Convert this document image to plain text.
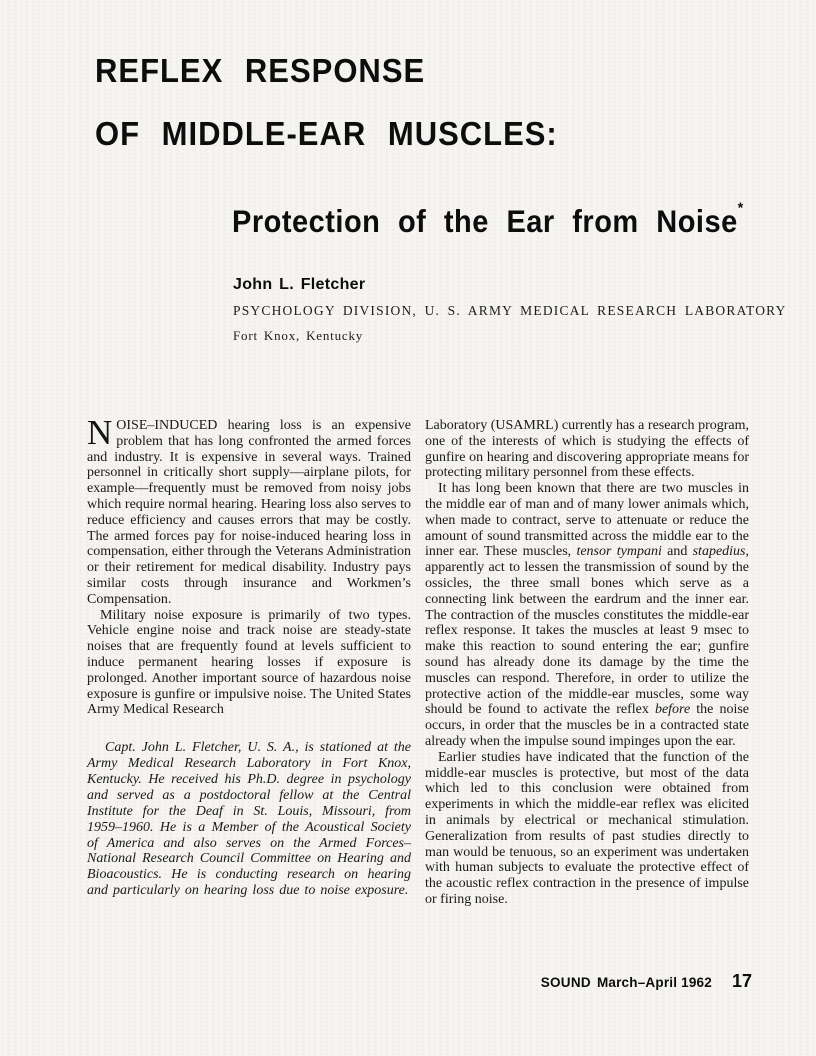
REFLEX RESPONSE
OF MIDDLE-EAR MUSCLES:
Protection of the Ear from Noise*
John L. Fletcher
PSYCHOLOGY DIVISION, U. S. ARMY MEDICAL RESEARCH LABORATORY
Fort Knox, Kentucky

NOISE–INDUCED hearing loss is an expensive problem that has long confronted the armed forces and industry. It is expensive in several ways. Trained personnel in critically short supply—airplane pilots, for example—frequently must be removed from noisy jobs which require normal hearing. Hearing loss also serves to reduce efficiency and causes errors that may be costly. The armed forces pay for noise-induced hearing loss in compensation, either through the Veterans Administration or their retirement for medical disability. Industry pays similar costs through insurance and Workmen’s Compensation.

Military noise exposure is primarily of two types. Vehicle engine noise and track noise are steady-state noises that are frequently found at levels sufficient to induce permanent hearing losses if exposure is prolonged. Another important source of hazardous noise exposure is gunfire or impulsive noise. The United States Army Medical Research

Capt. John L. Fletcher, U. S. A., is stationed at the Army Medical Research Laboratory in Fort Knox, Kentucky. He received his Ph.D. degree in psychology and served as a postdoctoral fellow at the Central Institute for the Deaf in St. Louis, Missouri, from 1959–1960. He is a Member of the Acoustical Society of America and also serves on the Armed Forces–National Research Council Committee on Hearing and Bioacoustics. He is conducting research on hearing and particularly on hearing loss due to noise exposure.

Laboratory (USAMRL) currently has a research program, one of the interests of which is studying the effects of gunfire on hearing and discovering appropriate means for protecting military personnel from these effects.

It has long been known that there are two muscles in the middle ear of man and of many lower animals which, when made to contract, serve to attenuate or reduce the amount of sound transmitted across the middle ear to the inner ear. These muscles, tensor tympani and stapedius, apparently act to lessen the transmission of sound by the ossicles, the three small bones which serve as a connecting link between the eardrum and the inner ear. The contraction of the muscles constitutes the middle-ear reflex response. It takes the muscles at least 9 msec to make this reaction to sound entering the ear; gunfire sound has already done its damage by the time the muscles can respond. Therefore, in order to utilize the protective action of the middle-ear muscles, some way should be found to activate the reflex before the noise occurs, in order that the muscles be in a contracted state already when the impulse sound impinges upon the ear.

Earlier studies have indicated that the function of the middle-ear muscles is protective, but most of the data which led to this conclusion were obtained from experiments in which the middle-ear reflex was elicited in animals by electrical or mechanical stimulation. Generalization from results of past studies directly to man would be tenuous, so an experiment was undertaken with human subjects to evaluate the protective effect of the acoustic reflex contraction in the presence of impulse or firing noise.

SOUND March–April 1962 17
